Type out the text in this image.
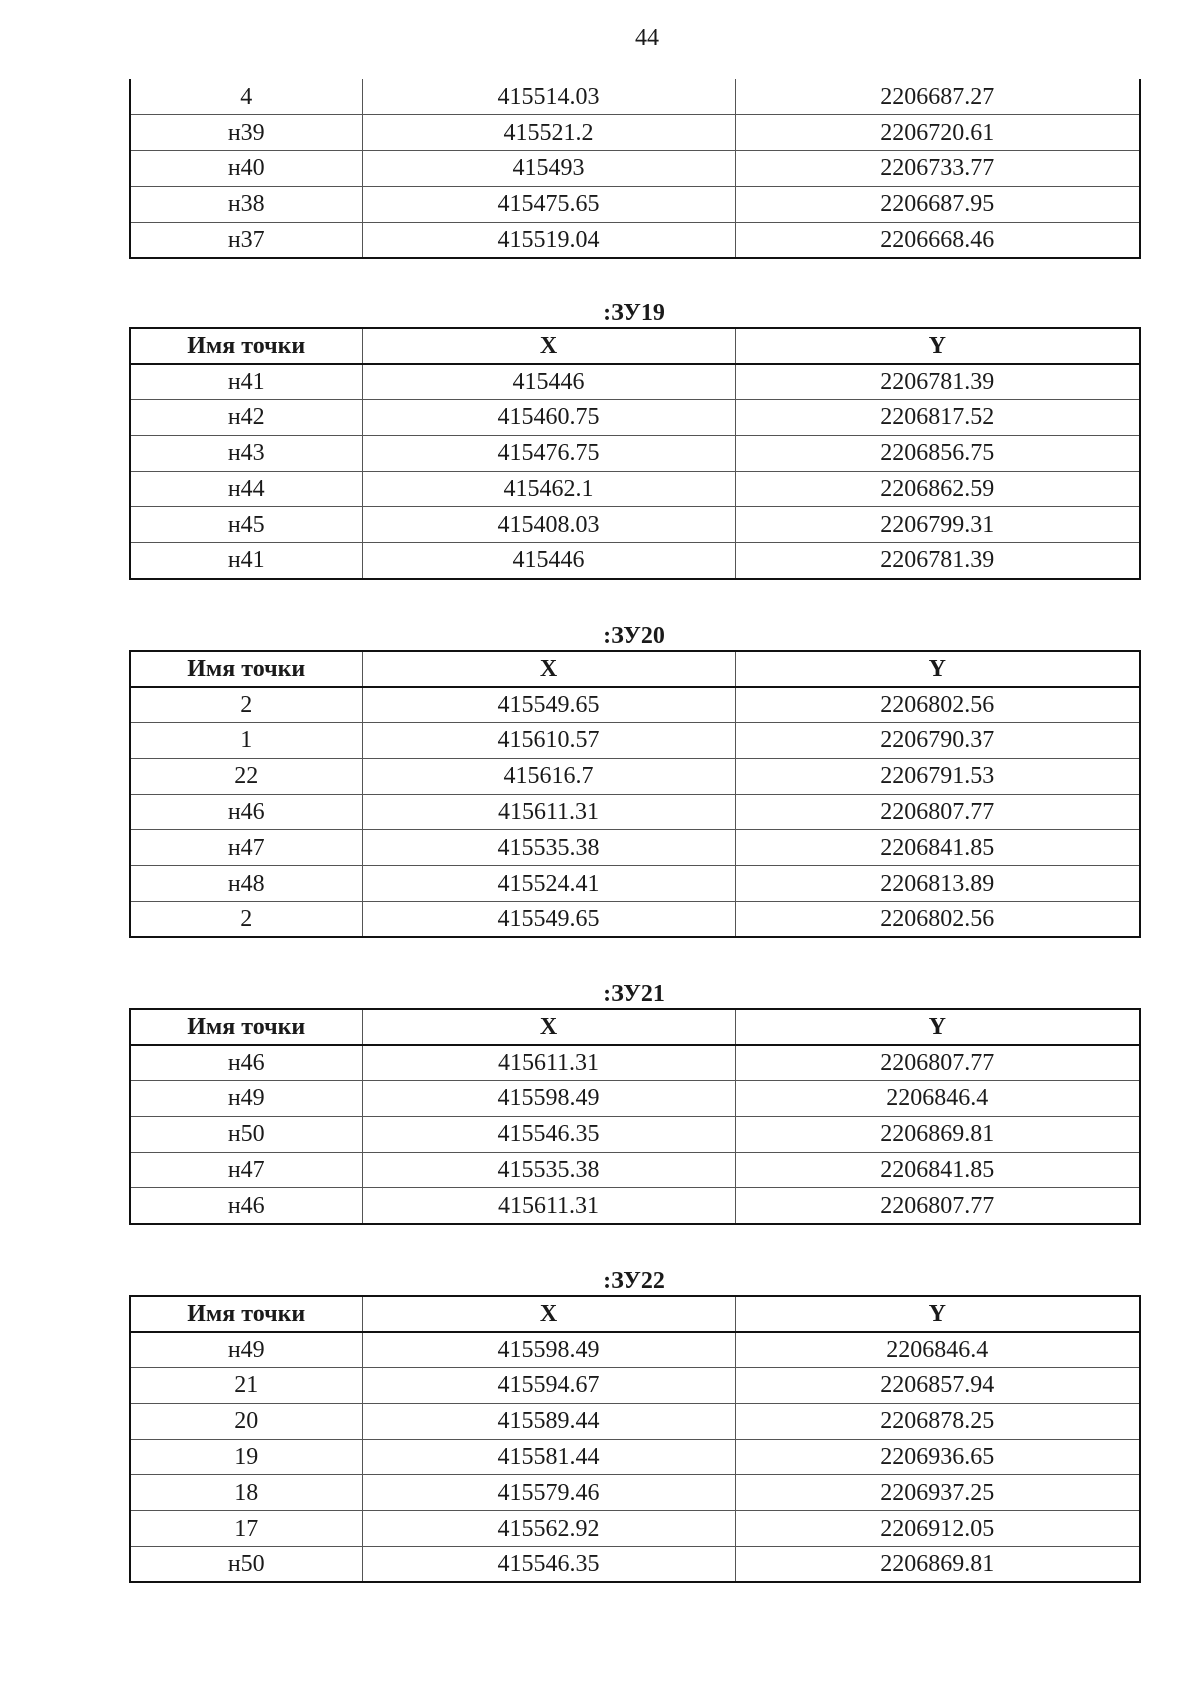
44
4	415514.03	2206687.27
н39	415521.2	2206720.61
н40	415493	2206733.77
н38	415475.65	2206687.95
н37	415519.04	2206668.46
:ЗУ19
Имя точки	X	Y
н41	415446	2206781.39
н42	415460.75	2206817.52
н43	415476.75	2206856.75
н44	415462.1	2206862.59
н45	415408.03	2206799.31
н41	415446	2206781.39
:ЗУ20
Имя точки	X	Y
2	415549.65	2206802.56
1	415610.57	2206790.37
22	415616.7	2206791.53
н46	415611.31	2206807.77
н47	415535.38	2206841.85
н48	415524.41	2206813.89
2	415549.65	2206802.56
:ЗУ21
Имя точки	X	Y
н46	415611.31	2206807.77
н49	415598.49	2206846.4
н50	415546.35	2206869.81
н47	415535.38	2206841.85
н46	415611.31	2206807.77
:ЗУ22
Имя точки	X	Y
н49	415598.49	2206846.4
21	415594.67	2206857.94
20	415589.44	2206878.25
19	415581.44	2206936.65
18	415579.46	2206937.25
17	415562.92	2206912.05
н50	415546.35	2206869.81
